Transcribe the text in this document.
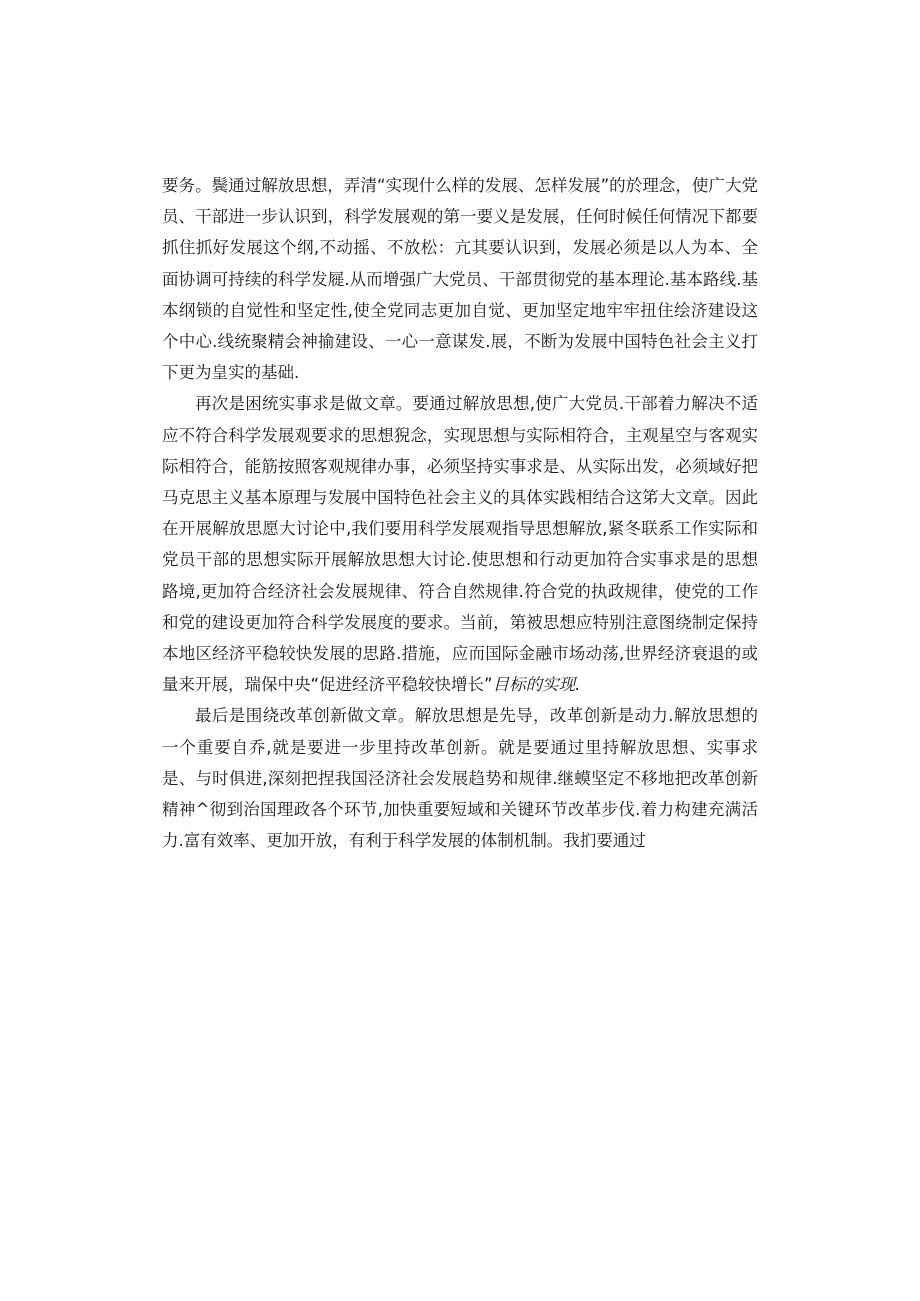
要务。鬓通过解放思想，弄清“实现什么样的发展、怎样发展”的於理念，使广大党员、干部进一步认识到，科学发展观的第一要义是发展，任何时候任何情况下都要抓住抓好发展这个纲,不动摇、不放松：亢其要认识到，发展必须是以人为本、全面协调可持续的科学发屣.从而增强广大党员、干部贯彻党的基本理论.基本路线.基本纲锁的自觉性和坚定性,使全党同志更加自觉、更加坚定地牢牢扭住绘济建设这个中心.线统聚精会神揄建设、一心一意谋发.展，不断为发展中国特色社会主义打下更为皇实的基础.

再次是困统实事求是做文章。要通过解放思想,使广大党员.干部着力解决不适应不符合科学发展观要求的思想猊念，实现思想与实际相符合，主观星空与客观实际相符合，能筋按照客观规律办事，必须坚持实事求是、从实际出发，必须域好把马克思主义基本原理与发展中国特色社会主义的具体实践相结合这笫大文章。因此在开展解放思愿大讨论中,我们要用科学发展观指导思想解放,紧冬联系工作实际和党员干部的思想实际开展解放思想大讨论.使思想和行动更加符合实事求是的思想路境,更加符合经济社会发展规律、符合自然规律.符合党的执政规律，使党的工作和党的建设更加符合科学发展度的要求。当前，第被思想应特别注意图绕制定保持本地区经济平稳较快发展的思路.措施，应而国际金融市场动荡,世界经济衰退的或量来开展，瑞保中央“促进经济平稳较快增长”目标的实现.

最后是围绕改革创新做文章。解放思想是先导，改革创新是动力.解放思想的一个重要自乔,就是要进一步里持改革创新。就是要通过里持解放思想、实事求是、与时俱进,深刻把捏我国泾济社会发展趋势和规律.继蟆坚定不移地把改革创新精神^彻到治国理政各个环节,加快重要短域和关键环节改革步伐.着力构建充满活力.富有效率、更加开放，有利于科学发展的体制机制。我扪要通过
